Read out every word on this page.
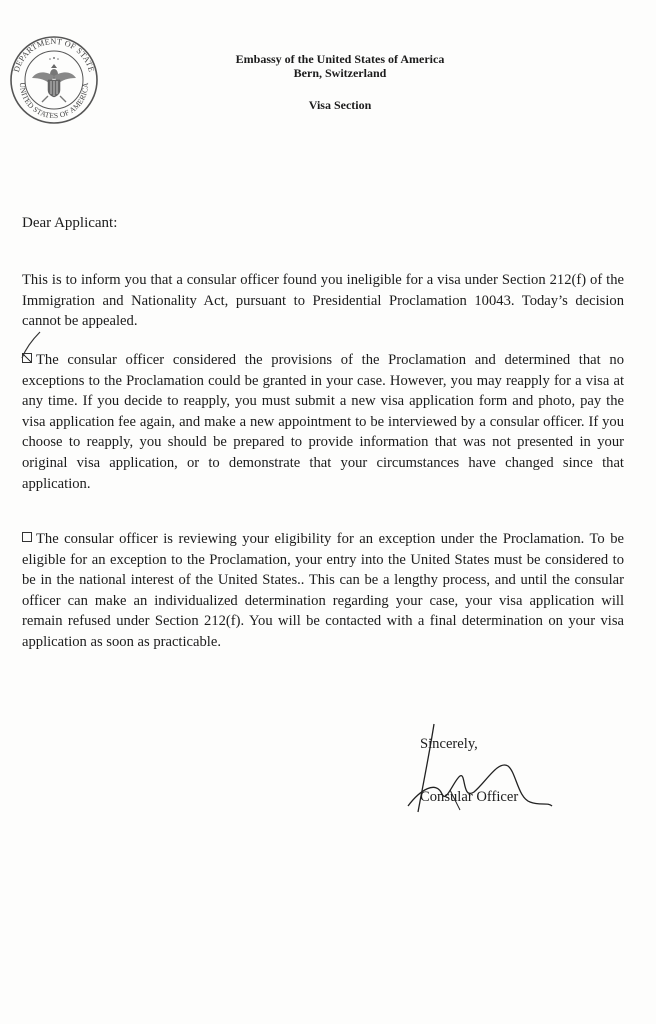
DEPARTMENT OF STATE
UNITED STATES OF AMERICA
Embassy of the United States of America
Bern, Switzerland
Visa Section
Dear Applicant:
This is to inform you that a consular officer found you ineligible for a visa under Section 212(f) of the Immigration and Nationality Act, pursuant to Presidential Proclamation 10043. Today’s decision cannot be appealed.
The consular officer considered the provisions of the Proclamation and determined that no exceptions to the Proclamation could be granted in your case. However, you may reapply for a visa at any time. If you decide to reapply, you must submit a new visa application form and photo, pay the visa application fee again, and make a new appointment to be interviewed by a consular officer. If you choose to reapply, you should be prepared to provide information that was not presented in your original visa application, or to demonstrate that your circumstances have changed since that application.
The consular officer is reviewing your eligibility for an exception under the Proclamation. To be eligible for an exception to the Proclamation, your entry into the United States must be considered to be in the national interest of the United States.. This can be a lengthy process, and until the consular officer can make an individualized determination regarding your case, your visa application will remain refused under Section 212(f). You will be contacted with a final determination on your visa application as soon as practicable.
Sincerely,
Consular Officer
